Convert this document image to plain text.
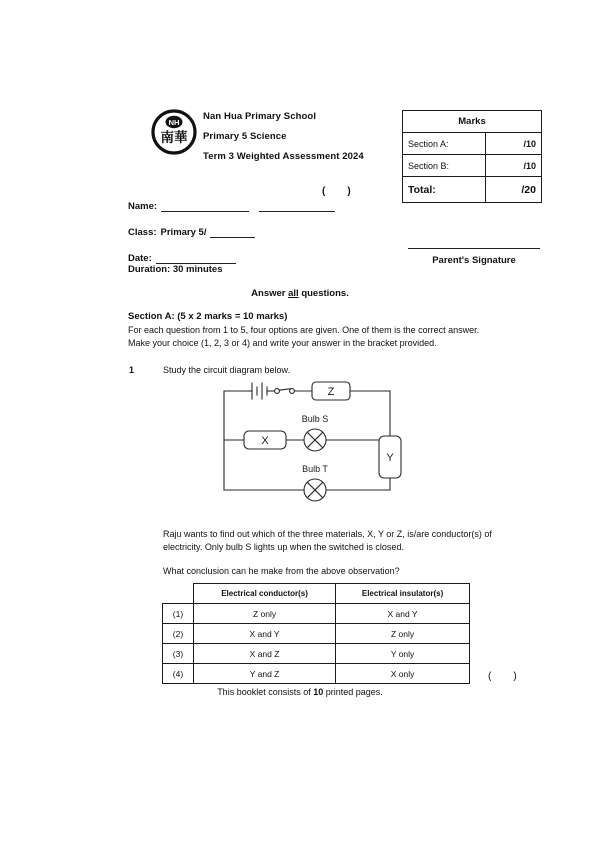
NH
南華
Nan Hua Primary School
Primary 5 Science
Term 3 Weighted Assessment 2024
Marks	
Section A:	/10
Section B:	/10
Total:	/20
Name:
Class: Primary 5/
Date:
()
Duration: 30 minutes
Parent's Signature
Answer all questions.
Section A: (5 x 2 marks = 10 marks)
For each question from 1 to 5, four options are given. One of them is the correct answer.
Make your choice (1, 2, 3 or 4) and write your answer in the bracket provided.
1	Study the circuit diagram below.
Z
X
Y
Bulb S
Bulb T
Raju wants to find out which of the three materials, X, Y or Z, is/are conductor(s) of
electricity. Only bulb S lights up when the switched is closed.
What conclusion can he make from the above observation?
	Electrical conductor(s)	Electrical insulator(s)
(1)	Z only	X and Y
(2)	X and Y	Z only
(3)	X and Z	Y only
(4)	Y and Z	X only	()
This booklet consists of 10 printed pages.
